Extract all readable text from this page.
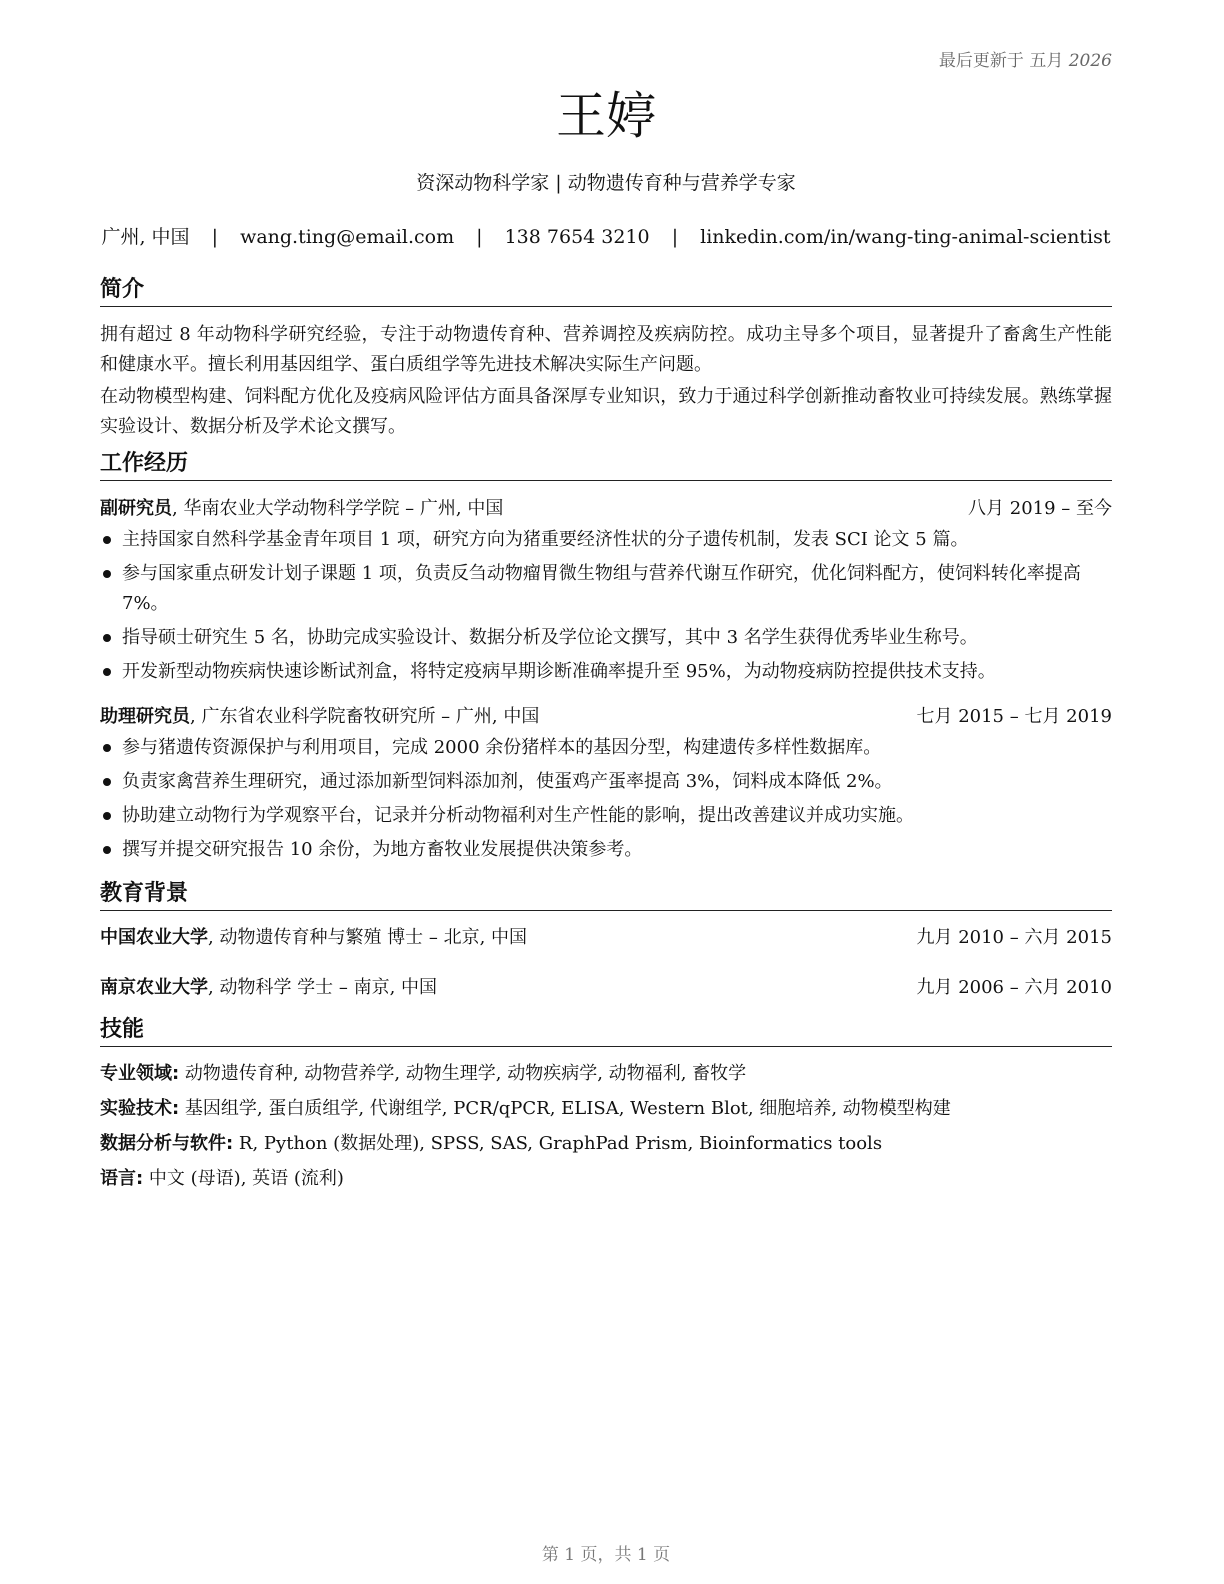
最后更新于 五月 2026
王婷
资深动物科学家 | 动物遗传育种与营养学专家
广州, 中国 | wang.ting@email.com | 138 7654 3210 | linkedin.com/in/wang-ting-animal-scientist
简介
拥有超过 8 年动物科学研究经验，专注于动物遗传育种、营养调控及疾病防控。成功主导多个项目，显著提升了畜禽生产性能和健康水平。擅长利用基因组学、蛋白质组学等先进技术解决实际生产问题。
在动物模型构建、饲料配方优化及疫病风险评估方面具备深厚专业知识，致力于通过科学创新推动畜牧业可持续发展。熟练掌握实验设计、数据分析及学术论文撰写。
工作经历
副研究员, 华南农业大学动物科学学院 – 广州, 中国	八月 2019 – 至今
主持国家自然科学基金青年项目 1 项，研究方向为猪重要经济性状的分子遗传机制，发表 SCI 论文 5 篇。
参与国家重点研发计划子课题 1 项，负责反刍动物瘤胃微生物组与营养代谢互作研究，优化饲料配方，使饲料转化率提高 7%。
指导硕士研究生 5 名，协助完成实验设计、数据分析及学位论文撰写，其中 3 名学生获得优秀毕业生称号。
开发新型动物疾病快速诊断试剂盒，将特定疫病早期诊断准确率提升至 95%，为动物疫病防控提供技术支持。
助理研究员, 广东省农业科学院畜牧研究所 – 广州, 中国	七月 2015 – 七月 2019
参与猪遗传资源保护与利用项目，完成 2000 余份猪样本的基因分型，构建遗传多样性数据库。
负责家禽营养生理研究，通过添加新型饲料添加剂，使蛋鸡产蛋率提高 3%，饲料成本降低 2%。
协助建立动物行为学观察平台，记录并分析动物福利对生产性能的影响，提出改善建议并成功实施。
撰写并提交研究报告 10 余份，为地方畜牧业发展提供决策参考。
教育背景
中国农业大学, 动物遗传育种与繁殖 博士 – 北京, 中国	九月 2010 – 六月 2015
南京农业大学, 动物科学 学士 – 南京, 中国	九月 2006 – 六月 2010
技能
专业领域: 动物遗传育种, 动物营养学, 动物生理学, 动物疾病学, 动物福利, 畜牧学
实验技术: 基因组学, 蛋白质组学, 代谢组学, PCR/qPCR, ELISA, Western Blot, 细胞培养, 动物模型构建
数据分析与软件: R, Python (数据处理), SPSS, SAS, GraphPad Prism, Bioinformatics tools
语言: 中文 (母语), 英语 (流利)
第 1 页，共 1 页
